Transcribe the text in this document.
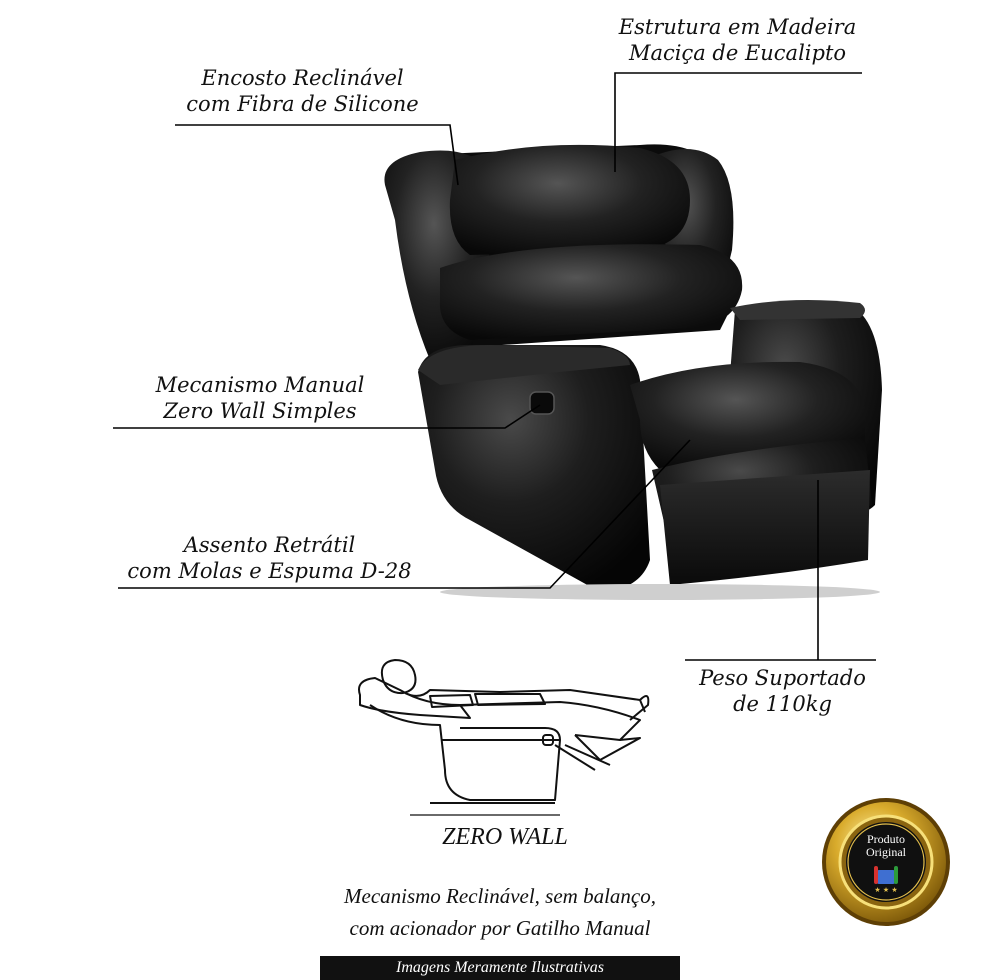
★ ★ ★
Encosto Reclinável
com Fibra de Silicone
Estrutura em Madeira
Maciça de Eucalipto
Mecanismo Manual
Zero Wall Simples
Assento Retrátil
com Molas e Espuma D-28
Peso Suportado
de 110kg
ZERO WALL
Mecanismo Reclinável, sem balanço,
com acionador por Gatilho Manual
Produto
Original
Imagens Meramente Ilustrativas
